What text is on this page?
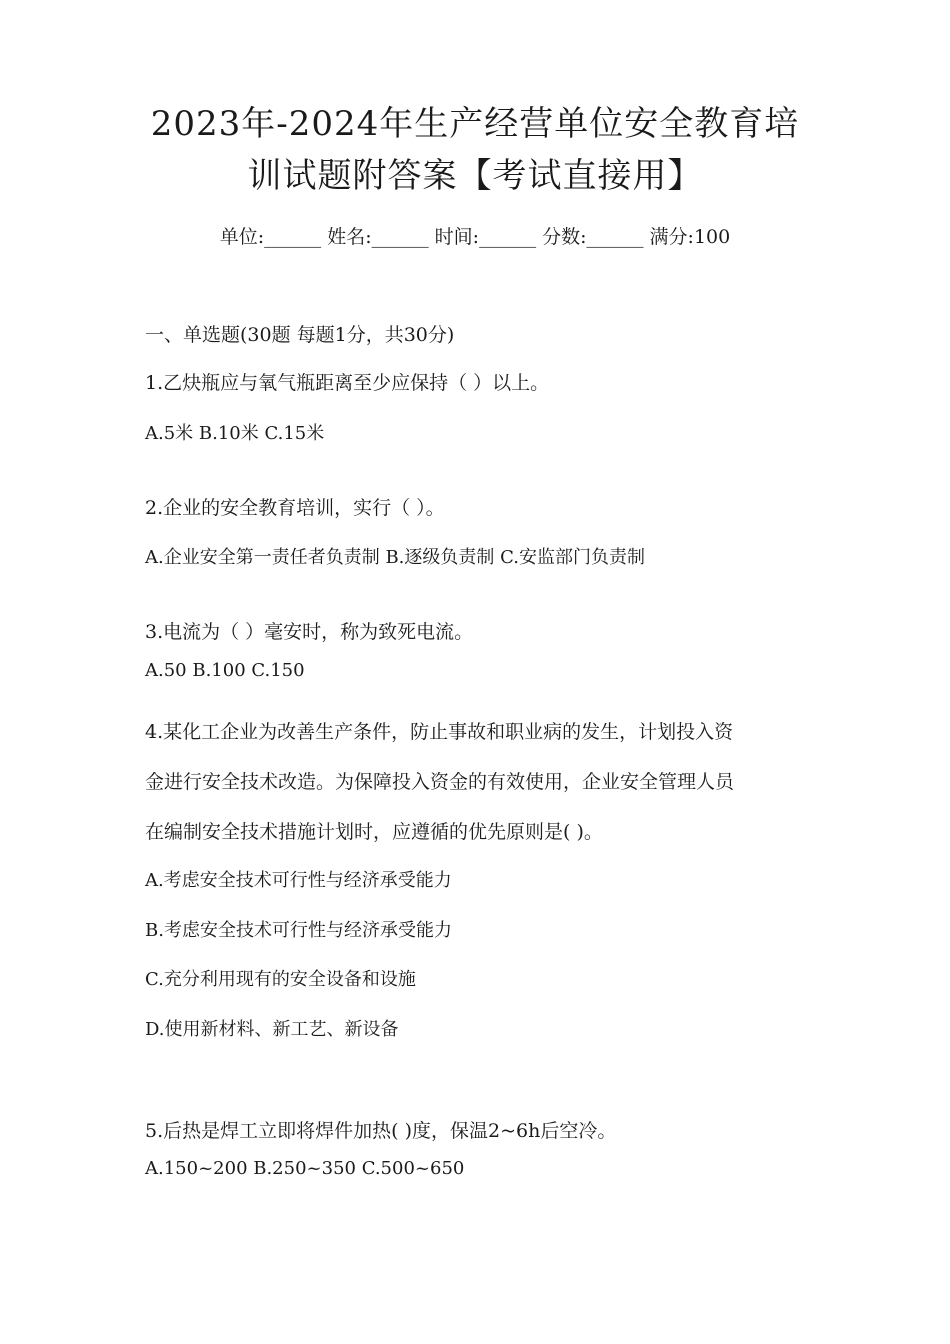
2023年-2024年生产经营单位安全教育培
训试题附答案【考试直接用】
单位:______ 姓名:______ 时间:______ 分数:______ 满分:100
一、单选题(30题 每题1分，共30分)
1.乙炔瓶应与氧气瓶距离至少应保持（ ）以上。
A.5米 B.10米 C.15米
2.企业的安全教育培训，实行（ ）。
A.企业安全第一责任者负责制 B.逐级负责制 C.安监部门负责制
3.电流为（ ）毫安时，称为致死电流。
A.50 B.100 C.150
4.某化工企业为改善生产条件，防止事故和职业病的发生，计划投入资
金进行安全技术改造。为保障投入资金的有效使用，企业安全管理人员
在编制安全技术措施计划时，应遵循的优先原则是( )。
A.考虑安全技术可行性与经济承受能力
B.考虑安全技术可行性与经济承受能力
C.充分利用现有的安全设备和设施
D.使用新材料、新工艺、新设备
5.后热是焊工立即将焊件加热( )度，保温2~6h后空冷。
A.150~200 B.250~350 C.500~650
